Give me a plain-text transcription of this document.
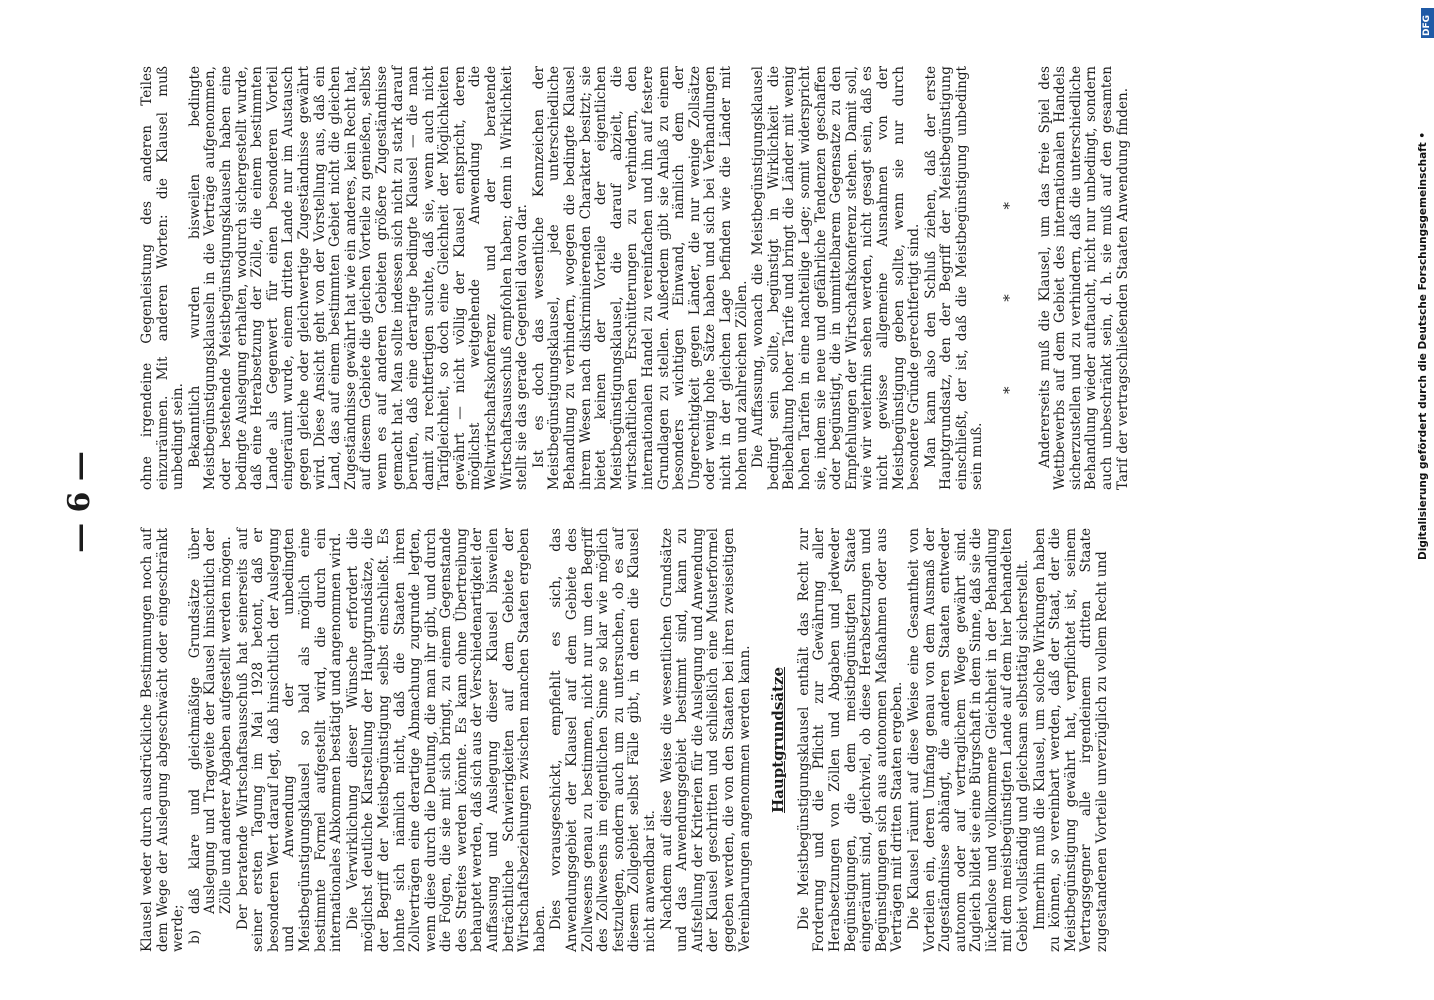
— 6 —

Klausel weder durch ausdrückliche Bestimmungen noch auf dem Wege der Auslegung abgeschwächt oder eingeschränkt werde; b)
daß klare und gleichmäßige Grundsätze über Auslegung und Tragweite der Klausel hinsichtlich der Zölle und anderer Abgaben aufgestellt werden mögen. Der beratende Wirtschaftsausschuß hat seinerseits auf seiner ersten Tagung im Mai 1928 betont, daß er besonderen Wert darauf legt, daß hinsichtlich der Auslegung und Anwendung der unbedingten Meistbegünstigungsklausel so bald als möglich eine bestimmte Formel aufgestellt wird, die durch ein internationales Abkommen bestätigt und angenommen wird. Die Verwirklichung dieser Wünsche erfordert die möglichst deutliche Klarstellung der Hauptgrundsätze, die der Begriff der Meistbegünstigung selbst einschließt. Es lohnte sich nämlich nicht, daß die Staaten ihren Zollverträgen eine derartige Abmachung zugrunde legten, wenn diese durch die Deutung, die man ihr gibt, und durch die Folgen, die sie mit sich bringt, zu einem Gegenstande des Streites werden könnte. Es kann ohne Übertreibung behauptet werden, daß sich aus der Verschiedenartigkeit der Auffassung und Auslegung dieser Klausel bisweilen beträchtliche Schwierigkeiten auf dem Gebiete der Wirtschaftsbeziehungen zwischen manchen Staaten ergeben haben. Dies vorausgeschickt, empfiehlt es sich, das Anwendungsgebiet der Klausel auf dem Gebiete des Zollwesens genau zu bestimmen, nicht nur um den Begriff des Zollwesens im eigentlichen Sinne so klar wie möglich festzulegen, sondern auch um zu untersuchen, ob es auf diesem Zollgebiet selbst Fälle gibt, in denen die Klausel nicht anwendbar ist. Nachdem auf diese Weise die wesentlichen Grundsätze und das Anwendungsgebiet bestimmt sind, kann zu Aufstellung der Kriterien für die Auslegung und Anwendung der Klausel geschritten und schließlich eine Musterformel gegeben werden, die von den Staaten bei ihren zweiseitigen Vereinbarungen angenommen werden kann. Hauptgrundsätze Die Meistbegünstigungsklausel enthält das Recht zur Forderung und die Pflicht zur Gewährung aller Herabsetzungen von Zöllen und Abgaben und jedweder Begünstigungen, die dem meistbegünstigten Staate eingeräumt sind, gleichviel, ob diese Herabsetzungen und Begünstigungen sich aus autonomen Maßnahmen oder aus Verträgen mit dritten Staaten ergeben. Die Klausel räumt auf diese Weise eine Gesamtheit von Vorteilen ein, deren Umfang genau von dem Ausmaß der Zugeständnisse abhängt, die anderen Staaten entweder autonom oder auf vertraglichem Wege gewährt sind. Zugleich bildet sie eine Bürgschaft in dem Sinne, daß sie die lückenlose und vollkommene Gleichheit in der Behandlung mit dem meistbegünstigten Lande auf dem hier behandelten Gebiet vollständig und gleichsam selbsttätig sicherstellt. Immerhin muß die Klausel, um solche Wirkungen haben zu können, so vereinbart werden, daß der Staat, der die Meistbegünstigung gewährt hat, verpflichtet ist, seinem Vertragsgegner alle irgendeinem dritten Staate zugestandenen Vorteile unverzüglich zu vollem Recht und

ohne irgendeine Gegenleistung des anderen Teiles einzuräumen. Mit anderen Worten: die Klausel muß unbedingt sein. Bekanntlich wurden bisweilen bedingte Meistbegünstigungsklauseln in die Verträge aufgenommen, oder bestehende Meistbegünstigungsklauseln haben eine bedingte Auslegung erhalten, wodurch sichergestellt wurde, daß eine Herabsetzung der Zölle, die einem bestimmten Lande als Gegenwert für einen besonderen Vorteil eingeräumt wurde, einem dritten Lande nur im Austausch gegen gleiche oder gleichwertige Zugeständnisse gewährt wird. Diese Ansicht geht von der Vorstellung aus, daß ein Land, das auf einem bestimmten Gebiet nicht die gleichen Zugeständnisse gewährt hat wie ein anderes, kein Recht hat, auf diesem Gebiete die gleichen Vorteile zu genießen, selbst wenn es auf anderen Gebieten größere Zugeständnisse gemacht hat. Man sollte indessen sich nicht zu stark darauf berufen, daß eine derartige bedingte Klausel — die man damit zu rechtfertigen suchte, daß sie, wenn auch nicht Tarifgleichheit, so doch eine Gleichheit der Möglichkeiten gewährt — nicht völlig der Klausel entspricht, deren möglichst weitgehende Anwendung die Weltwirtschaftskonferenz und der beratende Wirtschaftsausschuß empfohlen haben; denn in Wirklichkeit stellt sie das gerade Gegenteil davon dar. Ist es doch das wesentliche Kennzeichen der Meistbegünstigungsklausel, jede unterschiedliche Behandlung zu verhindern, wogegen die bedingte Klausel ihrem Wesen nach diskriminierenden Charakter besitzt; sie bietet keinen der Vorteile der eigentlichen Meistbegünstigungsklausel, die darauf abzielt, die wirtschaftlichen Erschütterungen zu verhindern, den internationalen Handel zu vereinfachen und ihn auf festere Grundlagen zu stellen. Außerdem gibt sie Anlaß zu einem besonders wichtigen Einwand, nämlich dem der Ungerechtigkeit gegen Länder, die nur wenige Zollsätze oder wenig hohe Sätze haben und sich bei Verhandlungen nicht in der gleichen Lage befinden wie die Länder mit hohen und zahlreichen Zöllen. Die Auffassung, wonach die Meistbegünstigungsklausel bedingt sein sollte, begünstigt in Wirklichkeit die Beibehaltung hoher Tarife und bringt die Länder mit wenig hohen Tarifen in eine nachteilige Lage; somit widerspricht sie, indem sie neue und gefährliche Tendenzen geschaffen oder begünstigt, die in unmittelbarem Gegensatze zu den Empfehlungen der Wirtschaftskonferenz stehen. Damit soll, wie wir weiterhin sehen werden, nicht gesagt sein, daß es nicht gewisse allgemeine Ausnahmen von der Meistbegünstigung geben sollte, wenn sie nur durch besondere Gründe gerechtfertigt sind. Man kann also den Schluß ziehen, daß der erste Hauptgrundsatz, den der Begriff der Meistbegünstigung einschließt, der ist, daß die Meistbegünstigung unbedingt sein muß.

* * * Andererseits muß die Klausel, um das freie Spiel des Wettbewerbs auf dem Gebiet des internationalen Handels sicherzustellen und zu verhindern, daß die unterschiedliche Behandlung wieder auftaucht, nicht nur unbedingt, sondern auch unbeschränkt sein, d. h. sie muß auf den gesamten Tarif der vertragschließenden Staaten Anwendung finden.	Digitalisierung gefördert durch die Deutsche Forschungsgemeinschaft •
DFG
